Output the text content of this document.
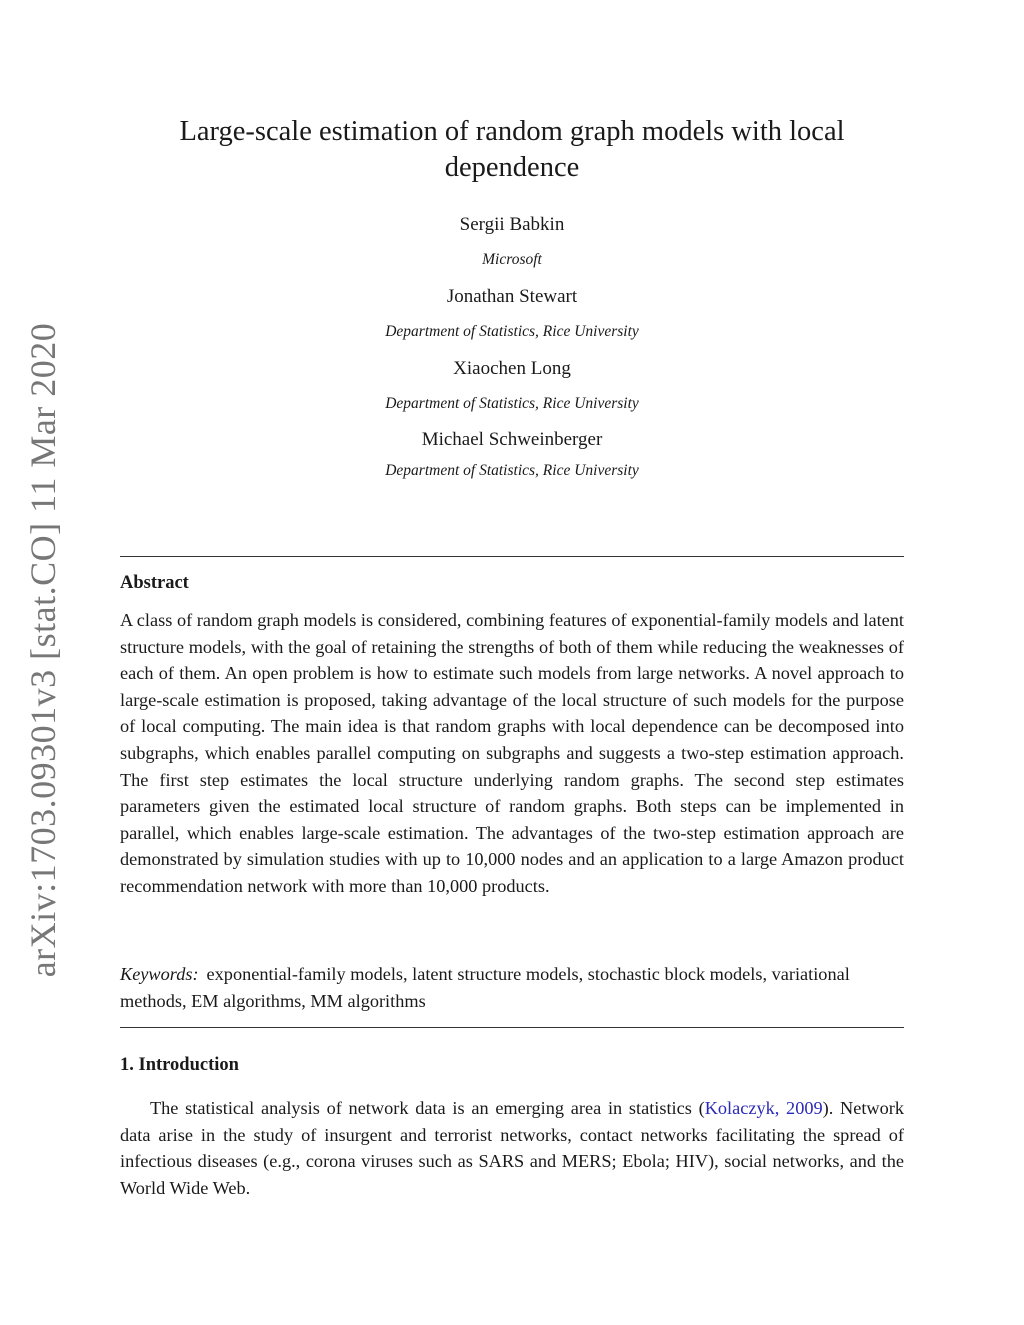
arXiv:1703.09301v3 [stat.CO] 11 Mar 2020
Large-scale estimation of random graph models with local dependence

Sergii Babkin

Microsoft

Jonathan Stewart

Department of Statistics, Rice University

Xiaochen Long

Department of Statistics, Rice University

Michael Schweinberger

Department of Statistics, Rice University

Abstract

A class of random graph models is considered, combining features of exponential-family models and latent structure models, with the goal of retaining the strengths of both of them while reducing the weaknesses of each of them. An open problem is how to estimate such models from large networks. A novel approach to large-scale estimation is proposed, taking advantage of the local structure of such models for the purpose of local computing. The main idea is that random graphs with local dependence can be decomposed into subgraphs, which enables parallel computing on subgraphs and suggests a two-step estimation approach. The first step estimates the local structure underlying random graphs. The second step estimates parameters given the estimated local structure of random graphs. Both steps can be implemented in parallel, which enables large-scale estimation. The advantages of the two-step estimation approach are demonstrated by simulation studies with up to 10,000 nodes and an application to a large Amazon product recommendation network with more than 10,000 products.

Keywords: exponential-family models, latent structure models, stochastic block models, variational methods, EM algorithms, MM algorithms

1. Introduction

The statistical analysis of network data is an emerging area in statistics (Kolaczyk, 2009). Network data arise in the study of insurgent and terrorist networks, contact networks facilitating the spread of infectious diseases (e.g., corona viruses such as SARS and MERS; Ebola; HIV), social networks, and the World Wide Web.
